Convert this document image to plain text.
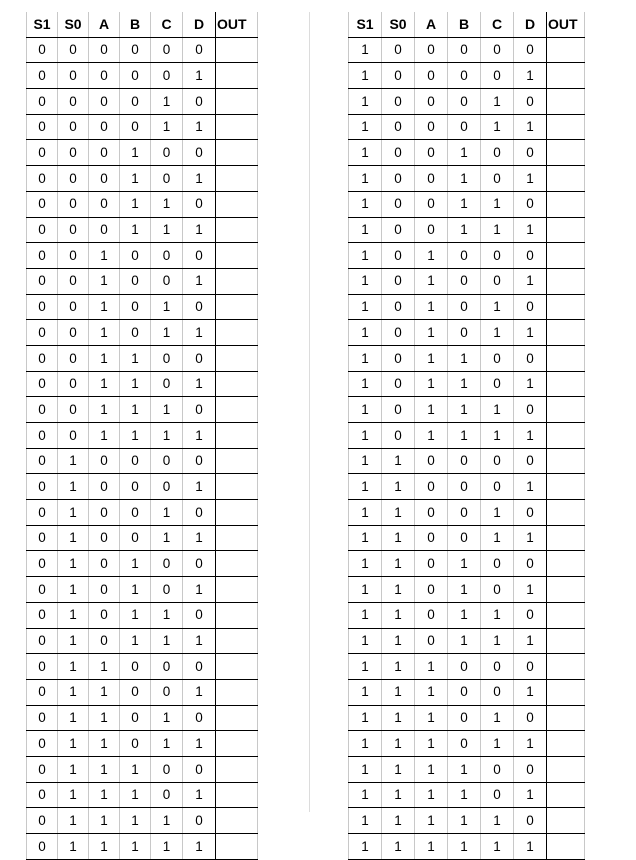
S1	S0	A	B	C	D	OUT
0	0	0	0	0	0	
0	0	0	0	0	1	
0	0	0	0	1	0	
0	0	0	0	1	1	
0	0	0	1	0	0	
0	0	0	1	0	1	
0	0	0	1	1	0	
0	0	0	1	1	1	
0	0	1	0	0	0	
0	0	1	0	0	1	
0	0	1	0	1	0	
0	0	1	0	1	1	
0	0	1	1	0	0	
0	0	1	1	0	1	
0	0	1	1	1	0	
0	0	1	1	1	1	
0	1	0	0	0	0	
0	1	0	0	0	1	
0	1	0	0	1	0	
0	1	0	0	1	1	
0	1	0	1	0	0	
0	1	0	1	0	1	
0	1	0	1	1	0	
0	1	0	1	1	1	
0	1	1	0	0	0	
0	1	1	0	0	1	
0	1	1	0	1	0	
0	1	1	0	1	1	
0	1	1	1	0	0	
0	1	1	1	0	1	
0	1	1	1	1	0	
0	1	1	1	1	1	
S1	S0	A	B	C	D	OUT
1	0	0	0	0	0	
1	0	0	0	0	1	
1	0	0	0	1	0	
1	0	0	0	1	1	
1	0	0	1	0	0	
1	0	0	1	0	1	
1	0	0	1	1	0	
1	0	0	1	1	1	
1	0	1	0	0	0	
1	0	1	0	0	1	
1	0	1	0	1	0	
1	0	1	0	1	1	
1	0	1	1	0	0	
1	0	1	1	0	1	
1	0	1	1	1	0	
1	0	1	1	1	1	
1	1	0	0	0	0	
1	1	0	0	0	1	
1	1	0	0	1	0	
1	1	0	0	1	1	
1	1	0	1	0	0	
1	1	0	1	0	1	
1	1	0	1	1	0	
1	1	0	1	1	1	
1	1	1	0	0	0	
1	1	1	0	0	1	
1	1	1	0	1	0	
1	1	1	0	1	1	
1	1	1	1	0	0	
1	1	1	1	0	1	
1	1	1	1	1	0	
1	1	1	1	1	1	
